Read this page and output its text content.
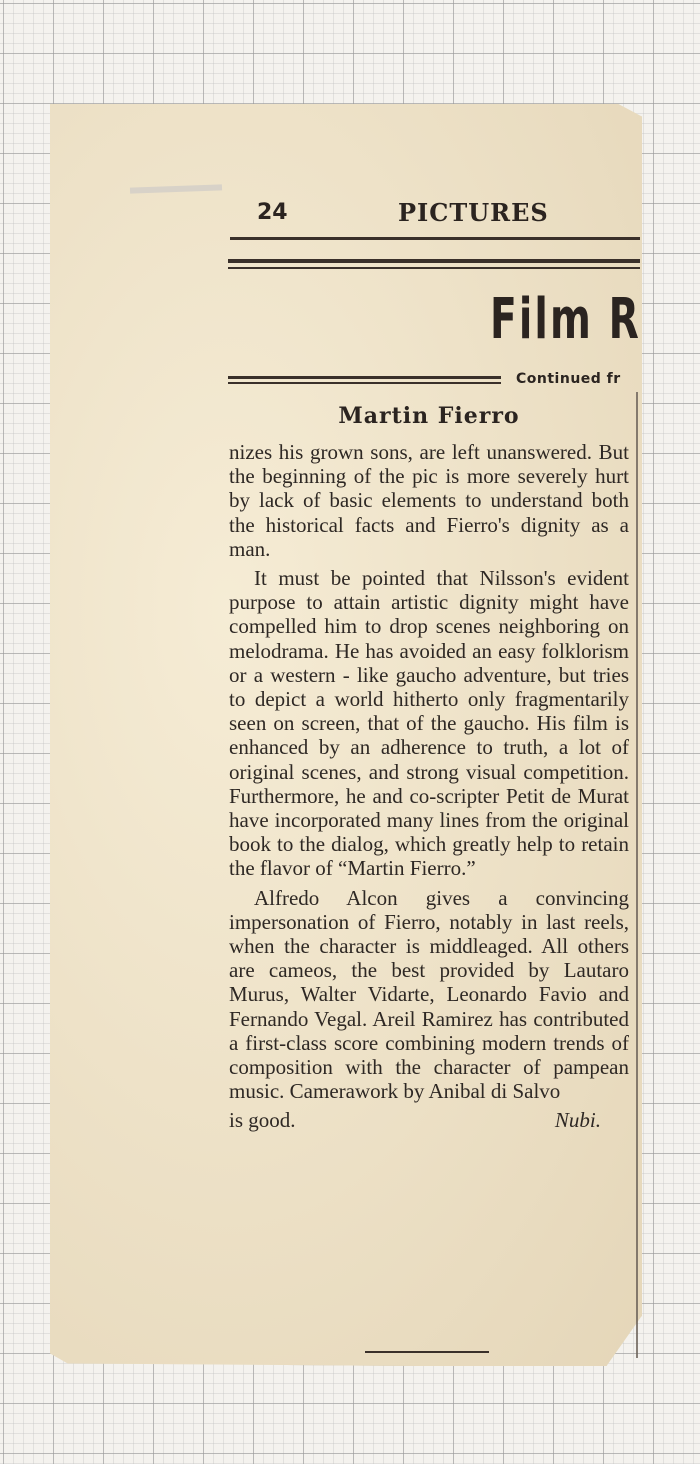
24	PICTURES
Film R
Continued fr
Martin Fierro

nizes his grown sons, are left unanswered. But the beginning of the pic is more severely hurt by lack of basic elements to understand both the historical facts and Fierro's dignity as a man.

It must be pointed that Nilsson's evident purpose to attain artistic dignity might have compelled him to drop scenes neighboring on melodrama. He has avoided an easy folklorism or a western - like gaucho adventure, but tries to depict a world hitherto only fragmentarily seen on screen, that of the gaucho. His film is enhanced by an adherence to truth, a lot of original scenes, and strong visual competition. Furthermore, he and co-scripter Petit de Murat have incorporated many lines from the original book to the dialog, which greatly help to retain the flavor of “Martin Fierro.”

Alfredo Alcon gives a convincing impersonation of Fierro, notably in last reels, when the character is middleaged. All others are cameos, the best provided by Lautaro Murus, Walter Vidarte, Leonardo Favio and Fernando Vegal. Areil Ramirez has contributed a first-class score combining modern trends of composition with the character of pampean music. Camerawork by Anibal di Salvo

is good.	Nubi.
